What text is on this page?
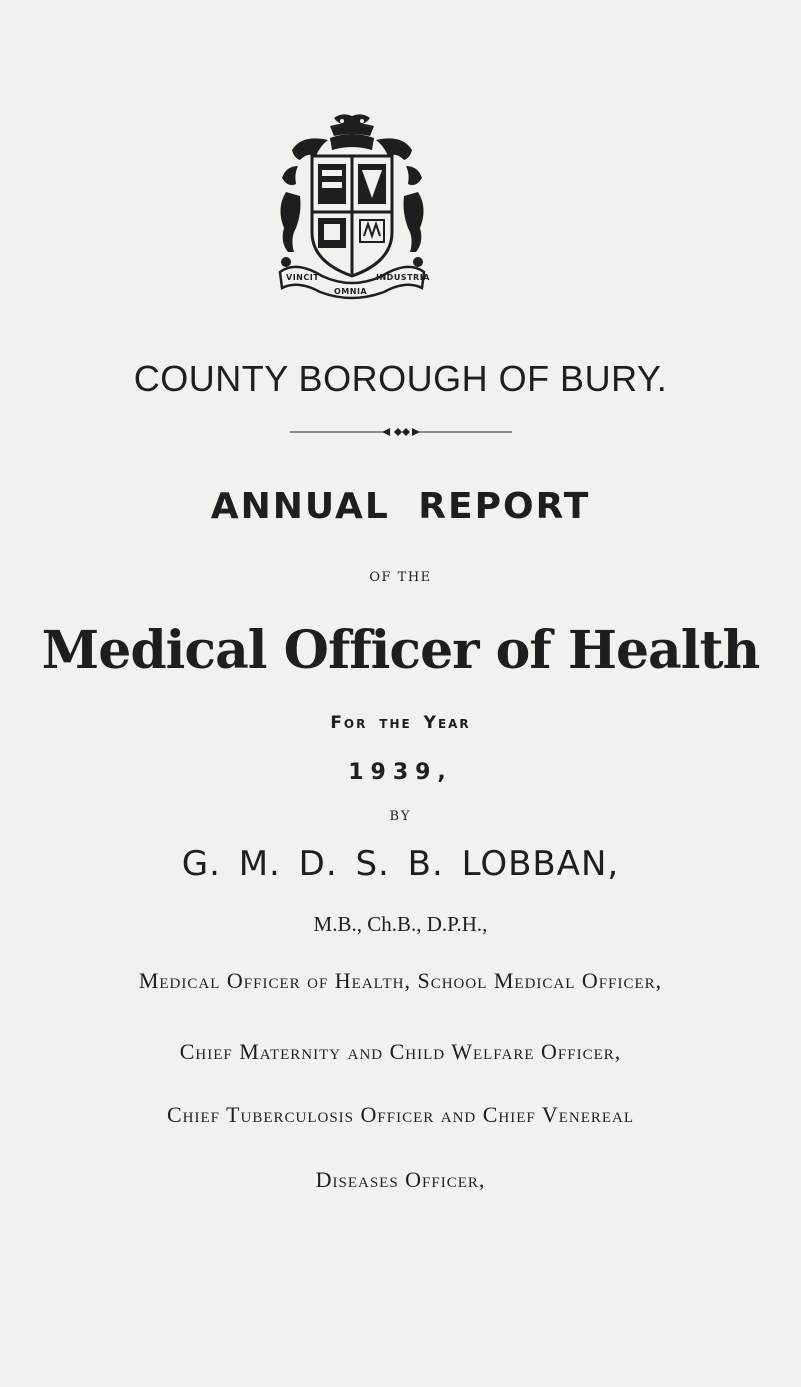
VINCIT
OMNIA
INDUSTRIA
COUNTY BOROUGH OF BURY.
ANNUAL REPORT
OF THE
Medical Officer of Health
For the Year
1939,
BY
G. M. D. S. B. LOBBAN,
M.B., Ch.B., D.P.H.,
Medical Officer of Health, School Medical Officer,
Chief Maternity and Child Welfare Officer,
Chief Tuberculosis Officer and Chief Venereal
Diseases Officer,
